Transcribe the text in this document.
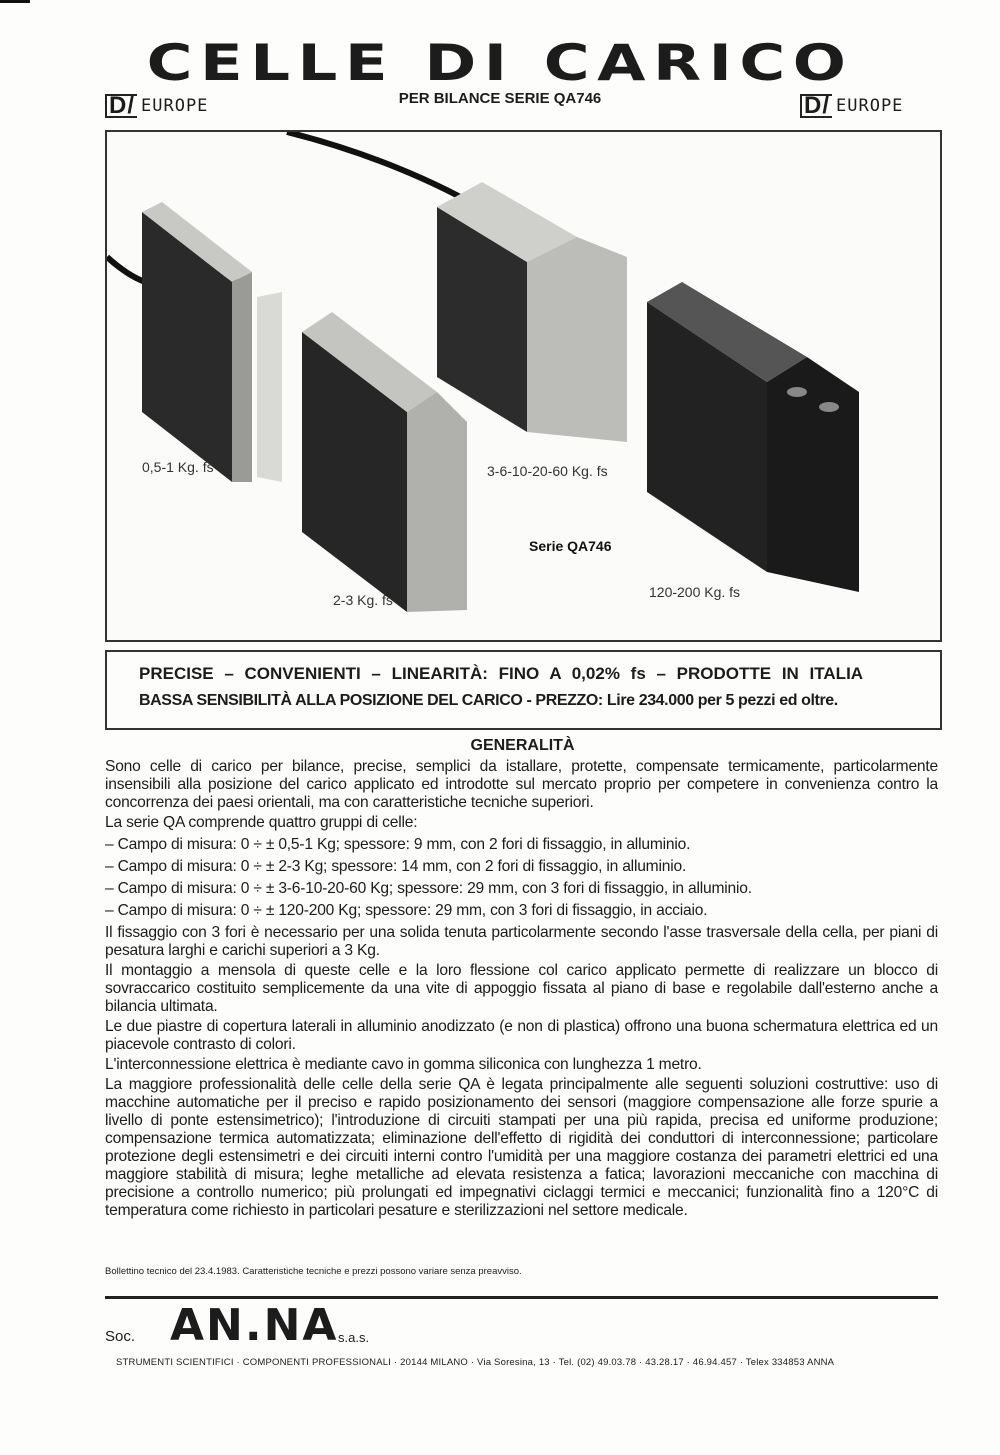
CELLE DI CARICO
D/ EUROPE	PER BILANCE SERIE QA746	D/ EUROPE
0,5-1 Kg. fs
2-3 Kg. fs
3-6-10-20-60 Kg. fs
Serie QA746
120-200 Kg. fs
PRECISE – CONVENIENTI – LINEARITÀ: FINO A 0,02% fs – PRODOTTE IN ITALIA
BASSA SENSIBILITÀ ALLA POSIZIONE DEL CARICO - PREZZO: Lire 234.000 per 5 pezzi ed oltre.
GENERALITÀ

Sono celle di carico per bilance, precise, semplici da istallare, protette, compensate termicamente, particolarmente insensibili alla posizione del carico applicato ed introdotte sul mercato proprio per competere in convenienza contro la concorrenza dei paesi orientali, ma con caratteristiche tecniche superiori.

La serie QA comprende quattro gruppi di celle:

– Campo di misura: 0 ÷ ± 0,5-1 Kg; spessore: 9 mm, con 2 fori di fissaggio, in alluminio.

– Campo di misura: 0 ÷ ± 2-3 Kg; spessore: 14 mm, con 2 fori di fissaggio, in alluminio.

– Campo di misura: 0 ÷ ± 3-6-10-20-60 Kg; spessore: 29 mm, con 3 fori di fissaggio, in alluminio.

– Campo di misura: 0 ÷ ± 120-200 Kg; spessore: 29 mm, con 3 fori di fissaggio, in acciaio.

Il fissaggio con 3 fori è necessario per una solida tenuta particolarmente secondo l'asse trasversale della cella, per piani di pesatura larghi e carichi superiori a 3 Kg.

Il montaggio a mensola di queste celle e la loro flessione col carico applicato permette di realizzare un blocco di sovraccarico costituito semplicemente da una vite di appoggio fissata al piano di base e regolabile dall'esterno anche a bilancia ultimata.

Le due piastre di copertura laterali in alluminio anodizzato (e non di plastica) offrono una buona schermatura elettrica ed un piacevole contrasto di colori.

L'interconnessione elettrica è mediante cavo in gomma siliconica con lunghezza 1 metro.

La maggiore professionalità delle celle della serie QA è legata principalmente alle seguenti soluzioni costruttive: uso di macchine automatiche per il preciso e rapido posizionamento dei sensori (maggiore compensazione alle forze spurie a livello di ponte estensimetrico); l'introduzione di circuiti stampati per una più rapida, precisa ed uniforme produzione; compensazione termica automatizzata; eliminazione dell'effetto di rigidità dei conduttori di interconnessione; particolare protezione degli estensimetri e dei circuiti interni contro l'umidità per una maggiore costanza dei parametri elettrici ed una maggiore stabilità di misura; leghe metalliche ad elevata resistenza a fatica; lavorazioni meccaniche con macchina di precisione a controllo numerico; più prolungati ed impegnativi ciclaggi termici e meccanici; funzionalità fino a 120°C di temperatura come richiesto in particolari pesature e sterilizzazioni nel settore medicale.

Bollettino tecnico del 23.4.1983. Caratteristiche tecniche e prezzi possono variare senza preavviso.
Soc. AN.NA s.a.s.
STRUMENTI SCIENTIFICI · COMPONENTI PROFESSIONALI · 20144 MILANO · Via Soresina, 13 · Tel. (02) 49.03.78 · 43.28.17 · 46.94.457 · Telex 334853 ANNA
